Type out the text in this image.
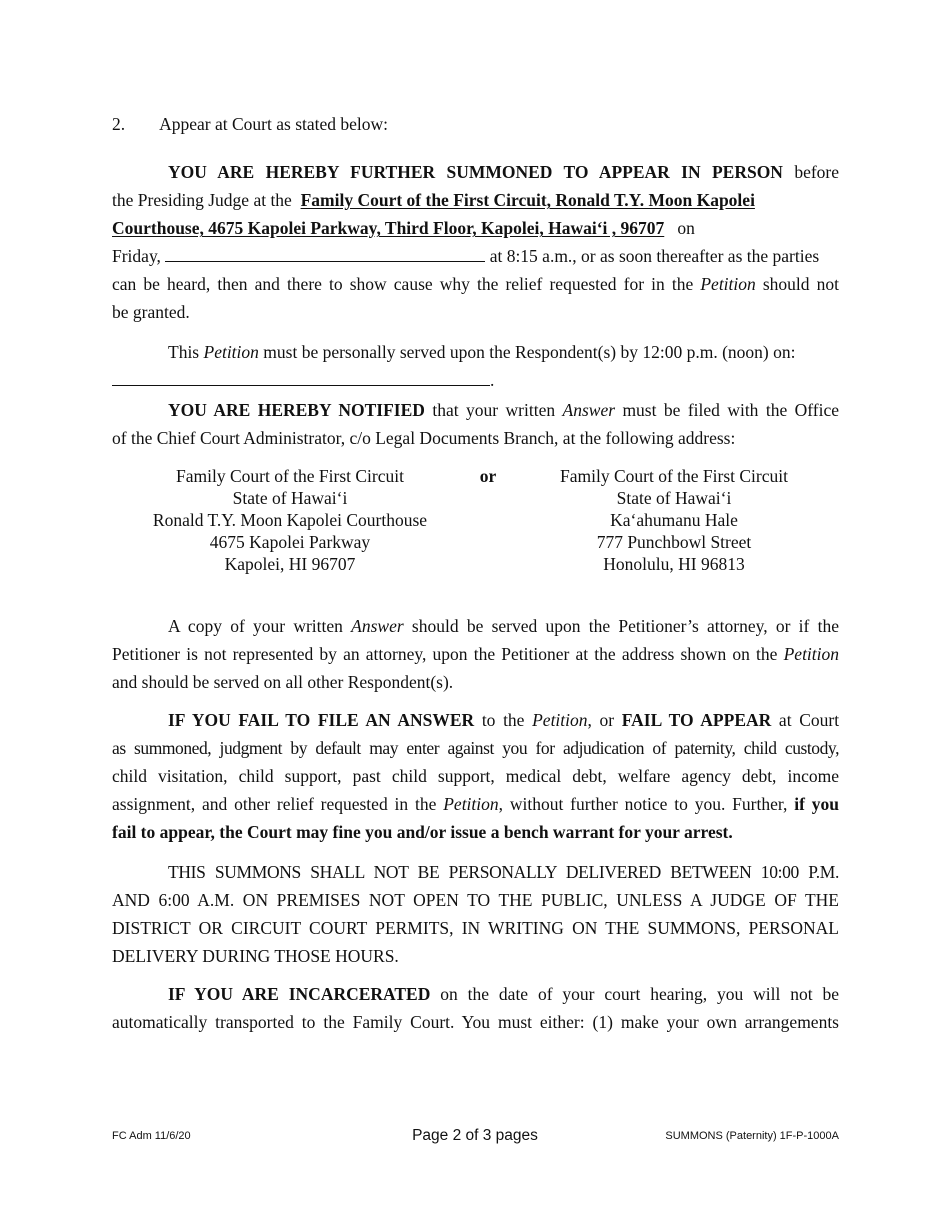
2. Appear at Court as stated below:
YOU ARE HEREBY FURTHER SUMMONED TO APPEAR IN PERSON before
the Presiding Judge at the Family Court of the First Circuit, Ronald T.Y. Moon Kapolei
Courthouse, 4675 Kapolei Parkway, Third Floor, Kapolei, Hawai‘i , 96707 on
Friday,	at 8:15 a.m., or as soon thereafter as the parties
can be heard, then and there to show cause why the relief requested for in the Petition should not
be granted.
This Petition must be personally served upon the Respondent(s) by 12:00 p.m. (noon) on:
.
YOU ARE HEREBY NOTIFIED that your written Answer must be filed with the Office
of the Chief Court Administrator, c/o Legal Documents Branch, at the following address:
Family Court of the First Circuit
State of Hawai‘i
Ronald T.Y. Moon Kapolei Courthouse
4675 Kapolei Parkway
Kapolei, HI 96707
or	Family Court of the First Circuit
State of Hawai‘i
Ka‘ahumanu Hale
777 Punchbowl Street
Honolulu, HI 96813
A copy of your written Answer should be served upon the Petitioner’s attorney, or if the
Petitioner is not represented by an attorney, upon the Petitioner at the address shown on the Petition
and should be served on all other Respondent(s).
IF YOU FAIL TO FILE AN ANSWER to the Petition, or FAIL TO APPEAR at Court
as summoned, judgment by default may enter against you for adjudication of paternity, child custody,
child visitation, child support, past child support, medical debt, welfare agency debt, income
assignment, and other relief requested in the Petition, without further notice to you. Further, if you
fail to appear, the Court may fine you and/or issue a bench warrant for your arrest.
THIS SUMMONS SHALL NOT BE PERSONALLY DELIVERED BETWEEN 10:00 P.M.
AND 6:00 A.M. ON PREMISES NOT OPEN TO THE PUBLIC, UNLESS A JUDGE OF THE
DISTRICT OR CIRCUIT COURT PERMITS, IN WRITING ON THE SUMMONS, PERSONAL
DELIVERY DURING THOSE HOURS.
IF YOU ARE INCARCERATED on the date of your court hearing, you will not be
automatically transported to the Family Court. You must either: (1) make your own arrangements
FC Adm 11/6/20	Page 2 of 3 pages	SUMMONS (Paternity) 1F-P-1000A
